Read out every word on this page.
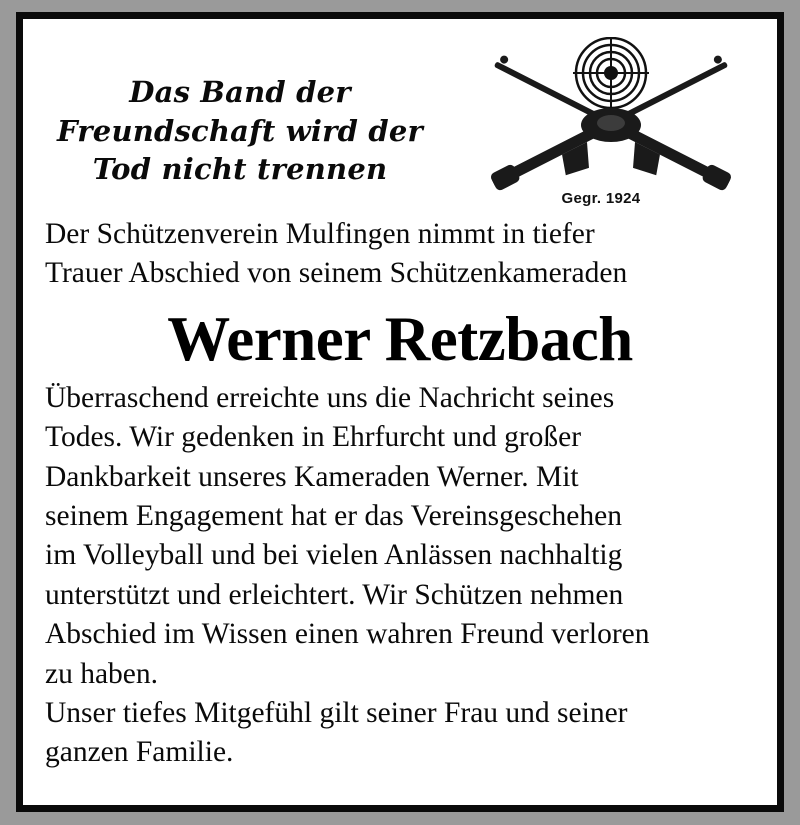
Das Band der
Freundschaft wird der
Tod nicht trennen
Gegr. 1924
Der Schützenverein Mulfingen nimmt in tiefer
Trauer Abschied von seinem Schützenkameraden
Werner Retzbach

Überraschend erreichte uns die Nachricht seines
Todes. Wir gedenken in Ehrfurcht und großer
Dankbarkeit unseres Kameraden Werner. Mit
seinem Engagement hat er das Vereinsgeschehen
im Volleyball und bei vielen Anlässen nachhaltig
unterstützt und erleichtert. Wir Schützen nehmen
Abschied im Wissen einen wahren Freund verloren
zu haben.

Unser tiefes Mitgefühl gilt seiner Frau und seiner
ganzen Familie.
